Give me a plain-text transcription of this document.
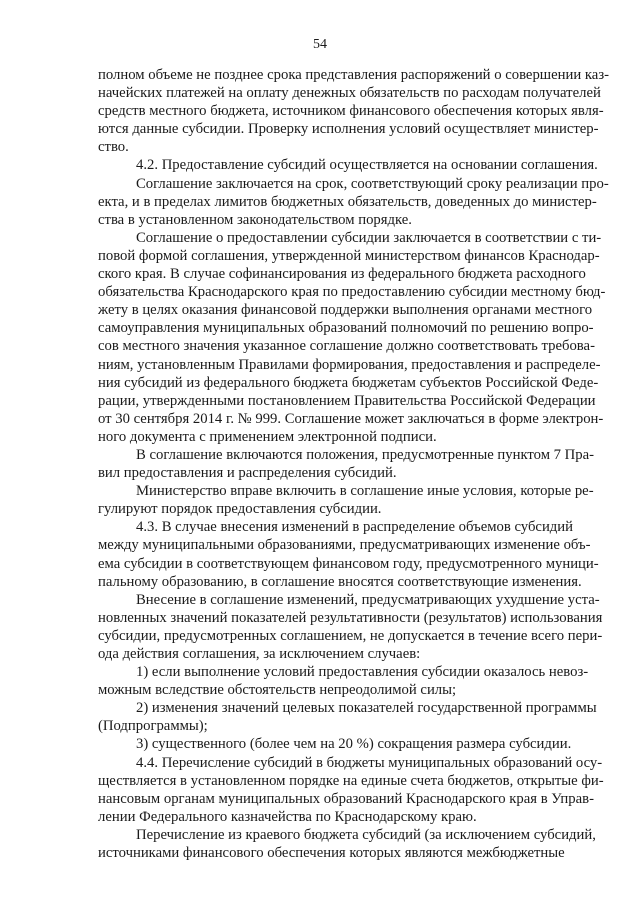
54
полном объеме не позднее срока представления распоряжений о совершении каз-
начейских платежей на оплату денежных обязательств по расходам получателей
средств местного бюджета, источником финансового обеспечения которых явля-
ются данные субсидии. Проверку исполнения условий осуществляет министер-
ство.
4.2. Предоставление субсидий осуществляется на основании соглашения.
Соглашение заключается на срок, соответствующий сроку реализации про-
екта, и в пределах лимитов бюджетных обязательств, доведенных до министер-
ства в установленном законодательством порядке.
Соглашение о предоставлении субсидии заключается в соответствии с ти-
повой формой соглашения, утвержденной министерством финансов Краснодар-
ского края. В случае софинансирования из федерального бюджета расходного
обязательства Краснодарского края по предоставлению субсидии местному бюд-
жету в целях оказания финансовой поддержки выполнения органами местного
самоуправления муниципальных образований полномочий по решению вопро-
сов местного значения указанное соглашение должно соответствовать требова-
ниям, установленным Правилами формирования, предоставления и распределе-
ния субсидий из федерального бюджета бюджетам субъектов Российской Феде-
рации, утвержденными постановлением Правительства Российской Федерации
от 30 сентября 2014 г. № 999. Соглашение может заключаться в форме электрон-
ного документа с применением электронной подписи.
В соглашение включаются положения, предусмотренные пунктом 7 Пра-
вил предоставления и распределения субсидий.
Министерство вправе включить в соглашение иные условия, которые ре-
гулируют порядок предоставления субсидии.
4.3. В случае внесения изменений в распределение объемов субсидий
между муниципальными образованиями, предусматривающих изменение объ-
ема субсидии в соответствующем финансовом году, предусмотренного муници-
пальному образованию, в соглашение вносятся соответствующие изменения.
Внесение в соглашение изменений, предусматривающих ухудшение уста-
новленных значений показателей результативности (результатов) использования
субсидии, предусмотренных соглашением, не допускается в течение всего пери-
ода действия соглашения, за исключением случаев:
1) если выполнение условий предоставления субсидии оказалось невоз-
можным вследствие обстоятельств непреодолимой силы;
2) изменения значений целевых показателей государственной программы
(Подпрограммы);
3) существенного (более чем на 20 %) сокращения размера субсидии.
4.4. Перечисление субсидий в бюджеты муниципальных образований осу-
ществляется в установленном порядке на единые счета бюджетов, открытые фи-
нансовым органам муниципальных образований Краснодарского края в Управ-
лении Федерального казначейства по Краснодарскому краю.
Перечисление из краевого бюджета субсидий (за исключением субсидий,
источниками финансового обеспечения которых являются межбюджетные
